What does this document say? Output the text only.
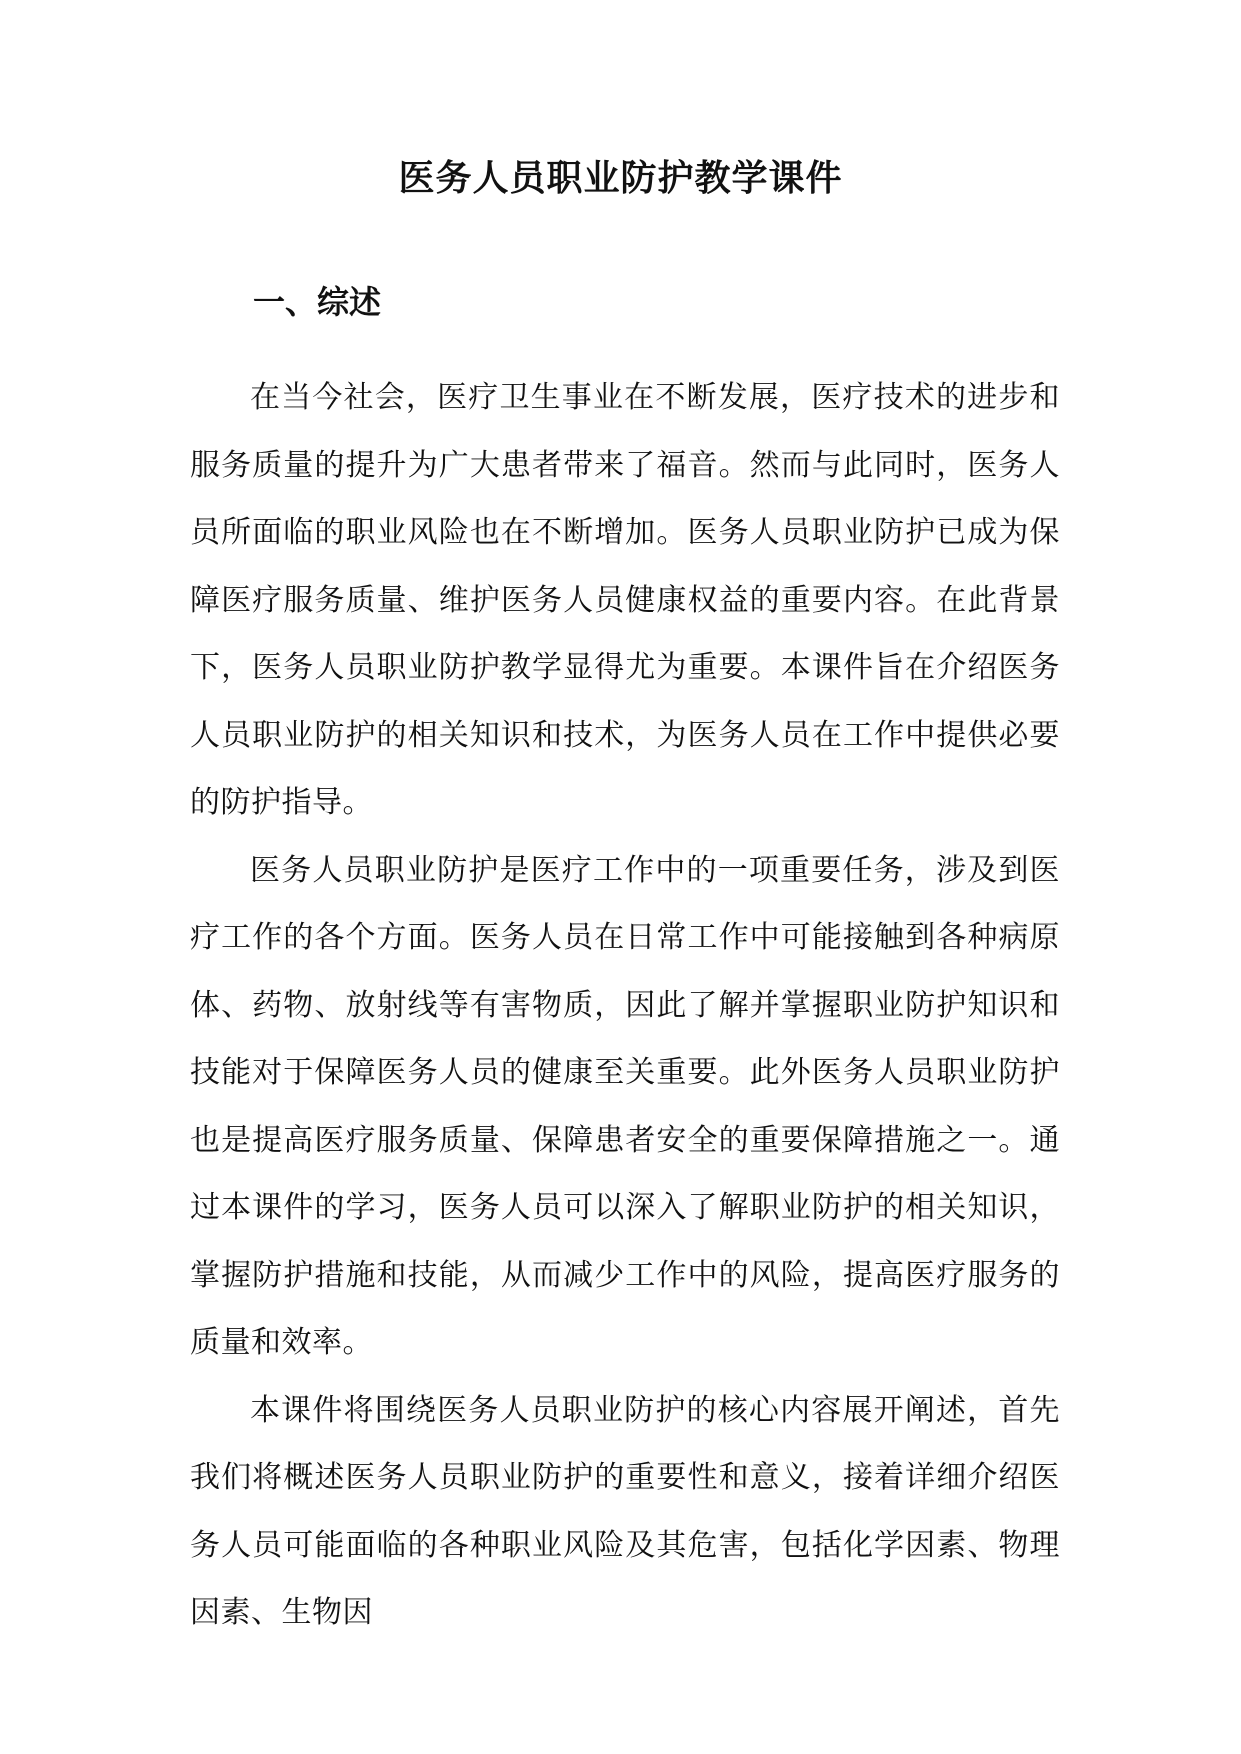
医务人员职业防护教学课件
一、综述

在当今社会，医疗卫生事业在不断发展，医疗技术的进步和服务质量的提升为广大患者带来了福音。然而与此同时，医务人员所面临的职业风险也在不断增加。医务人员职业防护已成为保障医疗服务质量、维护医务人员健康权益的重要内容。在此背景下，医务人员职业防护教学显得尤为重要。本课件旨在介绍医务人员职业防护的相关知识和技术，为医务人员在工作中提供必要的防护指导。

医务人员职业防护是医疗工作中的一项重要任务，涉及到医疗工作的各个方面。医务人员在日常工作中可能接触到各种病原体、药物、放射线等有害物质，因此了解并掌握职业防护知识和技能对于保障医务人员的健康至关重要。此外医务人员职业防护也是提高医疗服务质量、保障患者安全的重要保障措施之一。通过本课件的学习，医务人员可以深入了解职业防护的相关知识，掌握防护措施和技能，从而减少工作中的风险，提高医疗服务的质量和效率。

本课件将围绕医务人员职业防护的核心内容展开阐述，首先我们将概述医务人员职业防护的重要性和意义，接着详细介绍医务人员可能面临的各种职业风险及其危害，包括化学因素、物理因素、生物因
